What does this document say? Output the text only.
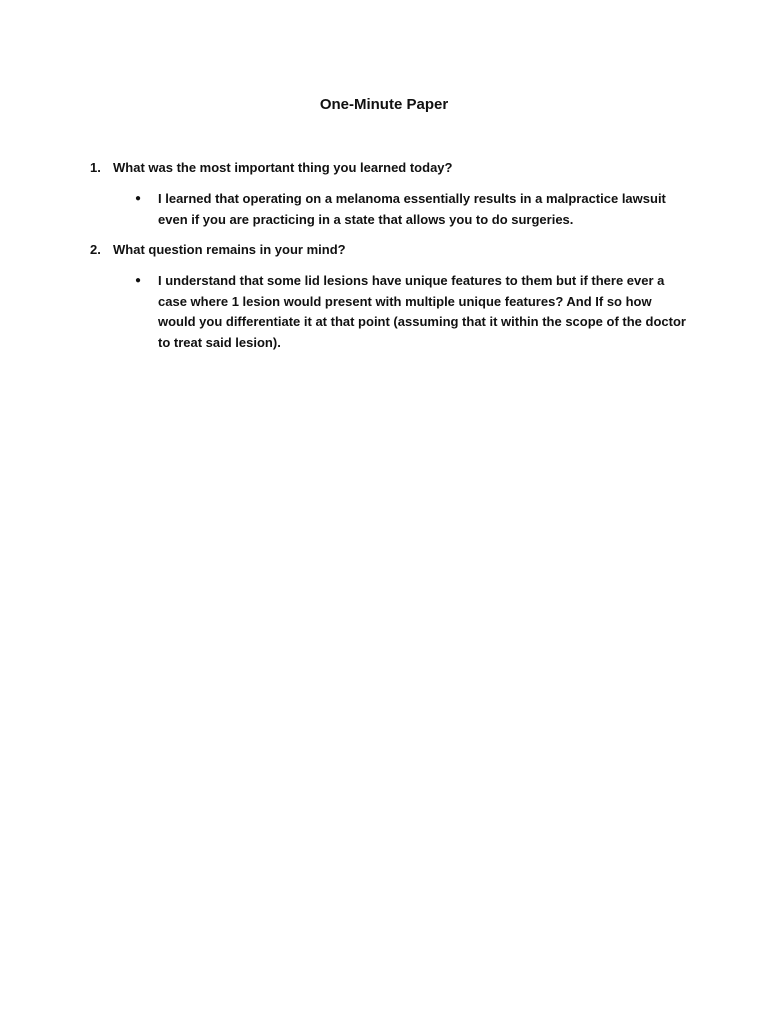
One-Minute Paper
1. What was the most important thing you learned today?
●	I learned that operating on a melanoma essentially results in a malpractice lawsuit even if you are practicing in a state that allows you to do surgeries.
2. What question remains in your mind?
●	I understand that some lid lesions have unique features to them but if there ever a case where 1 lesion would present with multiple unique features? And If so how would you differentiate it at that point (assuming that it within the scope of the doctor to treat said lesion).
